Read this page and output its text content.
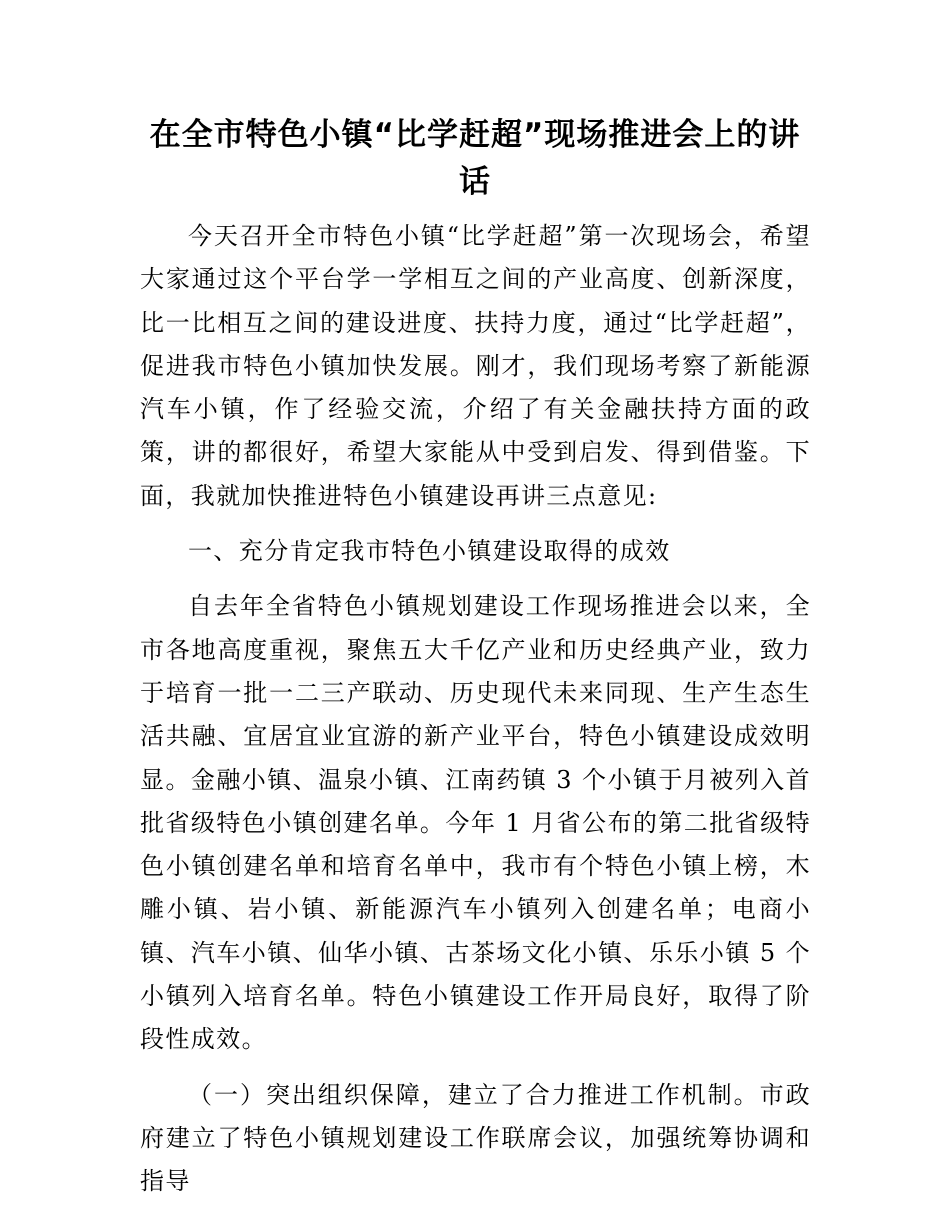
在全市特色小镇“比学赶超”现场推进会上的讲话

今天召开全市特色小镇“比学赶超”第一次现场会，希望大家通过这个平台学一学相互之间的产业高度、创新深度，比一比相互之间的建设进度、扶持力度，通过“比学赶超”，促进我市特色小镇加快发展。刚才，我们现场考察了新能源汽车小镇，作了经验交流，介绍了有关金融扶持方面的政策，讲的都很好，希望大家能从中受到启发、得到借鉴。下面，我就加快推进特色小镇建设再讲三点意见:

一、充分肯定我市特色小镇建设取得的成效

自去年全省特色小镇规划建设工作现场推进会以来，全市各地高度重视，聚焦五大千亿产业和历史经典产业，致力于培育一批一二三产联动、历史现代未来同现、生产生态生活共融、宜居宜业宜游的新产业平台，特色小镇建设成效明显。金融小镇、温泉小镇、江南药镇 3 个小镇于月被列入首批省级特色小镇创建名单。今年 1 月省公布的第二批省级特色小镇创建名单和培育名单中，我市有个特色小镇上榜，木雕小镇、岩小镇、新能源汽车小镇列入创建名单；电商小镇、汽车小镇、仙华小镇、古茶场文化小镇、乐乐小镇 5 个小镇列入培育名单。特色小镇建设工作开局良好，取得了阶段性成效。

（一）突出组织保障，建立了合力推进工作机制。市政府建立了特色小镇规划建设工作联席会议，加强统筹协调和指导
